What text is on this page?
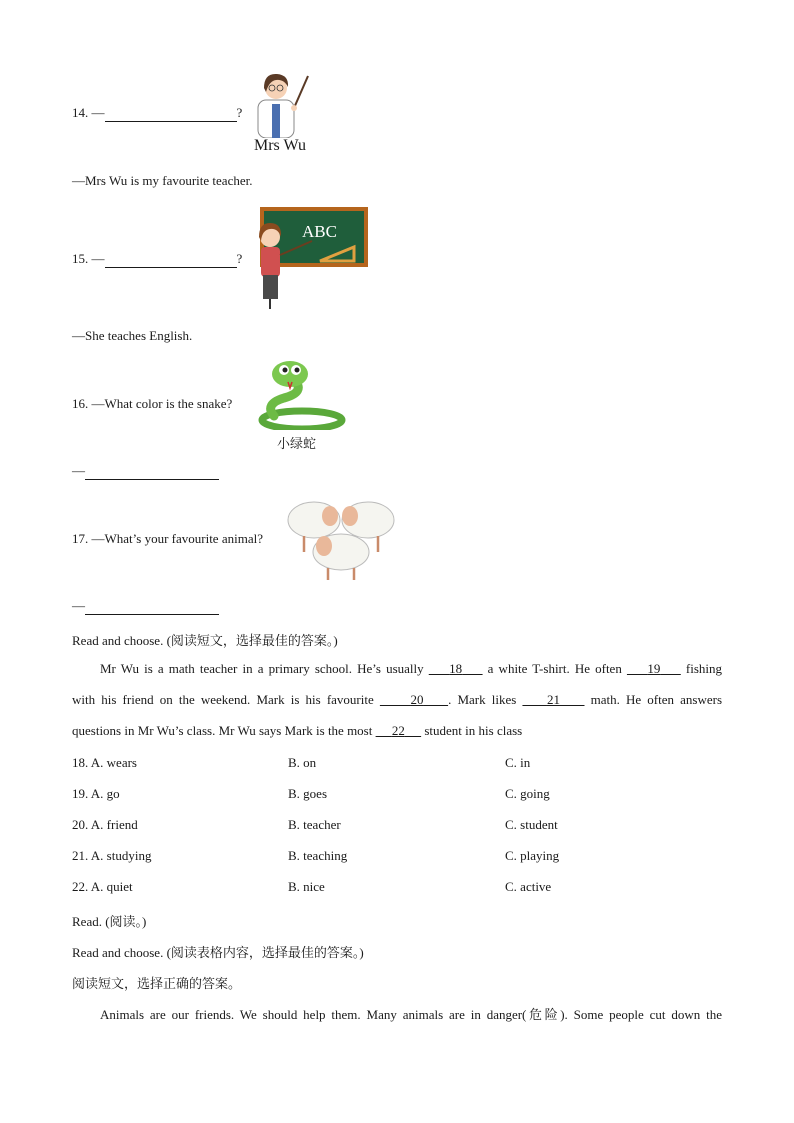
14. —	?
Mrs Wu
—Mrs Wu is my favourite teacher.
15. —	?
ABC
—She teaches English.
16. —What color is the snake?
小绿蛇
—
17. —What’s your favourite animal?
—
Read and choose. (阅读短文，选择最佳的答案。)
Mr Wu is a math teacher in a primary school. He’s usually     18     a white T-shirt. He often     19     fishing
with his friend on the weekend. Mark is his favourite      20 . Mark likes     21     math. He often answers
questions in Mr Wu’s class. Mr Wu says Mark is the most      22      student in his class
18. A. wears	B. on	C. in
19. A. go	B. goes	C. going
20. A. friend	B. teacher	C. student
21. A. studying	B. teaching	C. playing
22. A. quiet	B. nice	C. active
Read. (阅读。)
Read and choose. (阅读表格内容，选择最佳的答案。)
阅读短文，选择正确的答案。
Animals are our friends. We should help them. Many animals are in danger(危险). Some people cut down the
